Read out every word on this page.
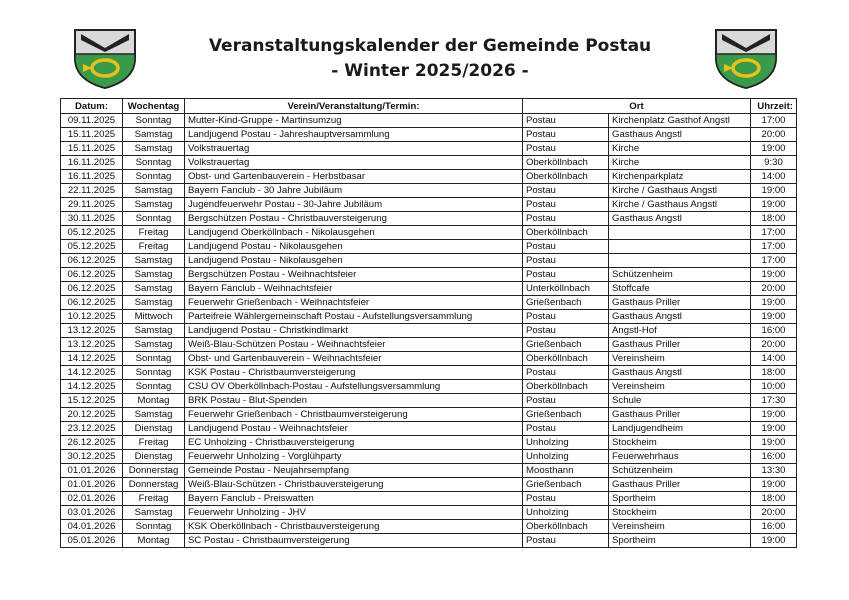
Veranstaltungskalender der Gemeinde Postau
- Winter 2025/2026 -
Datum:	Wochentag	Verein/Veranstaltung/Termin:	Ort		Uhrzeit:
09.11.2025	Sonntag	Mutter-Kind-Gruppe - Martinsumzug	Postau	Kirchenplatz Gasthof Angstl	17:00
15.11.2025	Samstag	Landjugend Postau - Jahreshauptversammlung	Postau	Gasthaus Angstl	20:00
15.11.2025	Samstag	Volkstrauertag	Postau	Kirche	19:00
16.11.2025	Sonntag	Volkstrauertag	Oberköllnbach	Kirche	9:30
16.11.2025	Sonntag	Obst- und Gartenbauverein - Herbstbasar	Oberköllnbach	Kirchenparkplatz	14:00
22.11.2025	Samstag	Bayern Fanclub - 30 Jahre Jubiläum	Postau	Kirche / Gasthaus Angstl	19:00
29.11.2025	Samstag	Jugendfeuerwehr Postau - 30-Jahre Jubiläum	Postau	Kirche / Gasthaus Angstl	19:00
30.11.2025	Sonntag	Bergschützen Postau - Christbauversteigerung	Postau	Gasthaus Angstl	18:00
05.12.2025	Freitag	Landjugend Oberköllnbach - Nikolausgehen	Oberköllnbach		17:00
05.12.2025	Freitag	Landjugend Postau - Nikolausgehen	Postau		17:00
06.12.2025	Samstag	Landjugend Postau - Nikolausgehen	Postau		17:00
06.12.2025	Samstag	Bergschützen Postau - Weihnachtsfeier	Postau	Schützenheim	19:00
06.12.2025	Samstag	Bayern Fanclub - Weihnachtsfeier	Unterköllnbach	Stoffcafe	20:00
06.12.2025	Samstag	Feuerwehr Grießenbach - Weihnachtsfeier	Grießenbach	Gasthaus Priller	19:00
10.12.2025	Mittwoch	Parteifreie Wählergemeinschaft Postau - Aufstellungsversammlung	Postau	Gasthaus Angstl	19:00
13.12.2025	Samstag	Landjugend Postau - Christkindlmarkt	Postau	Angstl-Hof	16:00
13.12.2025	Samstag	Weiß-Blau-Schützen Postau - Weihnachtsfeier	Grießenbach	Gasthaus Priller	20:00
14.12.2025	Sonntag	Obst- und Gartenbauverein - Weihnachtsfeier	Oberköllnbach	Vereinsheim	14:00
14.12.2025	Sonntag	KSK Postau - Christbaumversteigerung	Postau	Gasthaus Angstl	18:00
14.12.2025	Sonntag	CSU OV Oberköllnbach-Postau - Aufstellungsversammlung	Oberköllnbach	Vereinsheim	10:00
15.12.2025	Montag	BRK Postau - Blut-Spenden	Postau	Schule	17:30
20.12.2025	Samstag	Feuerwehr Grießenbach - Christbaumversteigerung	Grießenbach	Gasthaus Priller	19:00
23.12.2025	Dienstag	Landjugend Postau - Weihnachtsfeier	Postau	Landjugendheim	19:00
26.12.2025	Freitag	EC Unholzing - Christbauversteigerung	Unholzing	Stockheim	19:00
30.12.2025	Dienstag	Feuerwehr Unholzing - Vorglühparty	Unholzing	Feuerwehrhaus	16:00
01.01.2026	Donnerstag	Gemeinde Postau - Neujahrsempfang	Moosthann	Schützenheim	13:30
01.01.2026	Donnerstag	Weiß-Blau-Schützen - Christbauversteigerung	Grießenbach	Gasthaus Priller	19:00
02.01.2026	Freitag	Bayern Fanclub - Preiswatten	Postau	Sportheim	18:00
03.01.2026	Samstag	Feuerwehr Unholzing - JHV	Unholzing	Stockheim	20:00
04.01.2026	Sonntag	KSK Oberköllnbach - Christbauversteigerung	Oberköllnbach	Vereinsheim	16:00
05.01.2026	Montag	SC Postau - Christbaumversteigerung	Postau	Sportheim	19:00
